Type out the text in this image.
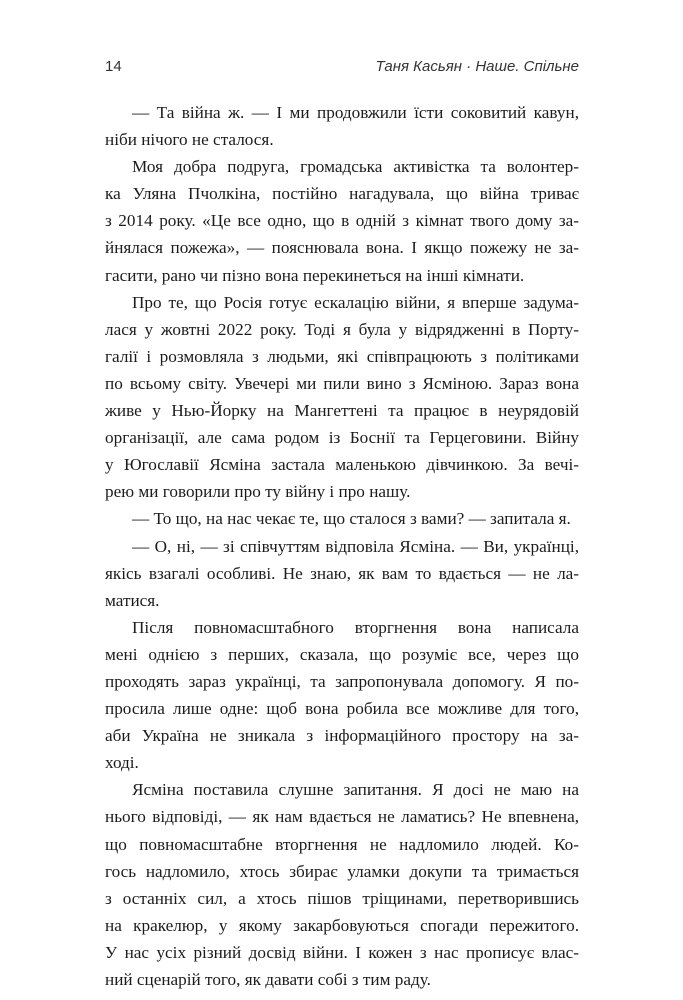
14	Таня Касьян · Наше. Спільне
— Та війна ж. — І ми продовжили їсти соковитий кавун,
ніби нічого не сталося.
Моя добра подруга, громадська активістка та волонтер-
ка Уляна Пчолкіна, постійно нагадувала, що війна триває
з 2014 року. «Це все одно, що в одній з кімнат твого дому за-
йнялася пожежа», — пояснювала вона. І якщо пожежу не за-
гасити, рано чи пізно вона перекинеться на інші кімнати.
Про те, що Росія готує ескалацію війни, я вперше задума-
лася у жовтні 2022 року. Тоді я була у відрядженні в Порту-
галії і розмовляла з людьми, які співпрацюють з політиками
по всьому світу. Увечері ми пили вино з Ясміною. Зараз вона
живе у Нью-Йорку на Мангеттені та працює в неурядовій
організації, але сама родом із Боснії та Герцеговини. Війну
у Югославії Ясміна застала маленькою дівчинкою. За вечі-
рею ми говорили про ту війну і про нашу.
— То що, на нас чекає те, що сталося з вами? — запитала я.
— О, ні, — зі співчуттям відповіла Ясміна. — Ви, українці,
якісь взагалі особливі. Не знаю, як вам то вдається — не ла-
матися.
Після повномасштабного вторгнення вона написала
мені однією з перших, сказала, що розуміє все, через що
проходять зараз українці, та запропонувала допомогу. Я по-
просила лише одне: щоб вона робила все можливе для того,
аби Україна не зникала з інформаційного простору на за-
ході.
Ясміна поставила слушне запитання. Я досі не маю на
нього відповіді, — як нам вдається не ламатись? Не впевнена,
що повномасштабне вторгнення не надломило людей. Ко-
гось надломило, хтось збирає уламки докупи та тримається
з останніх сил, а хтось пішов тріщинами, перетворившись
на кракелюр, у якому закарбовуються спогади пережитого.
У нас усіх різний досвід війни. І кожен з нас прописує влас-
ний сценарій того, як давати собі з тим раду.
